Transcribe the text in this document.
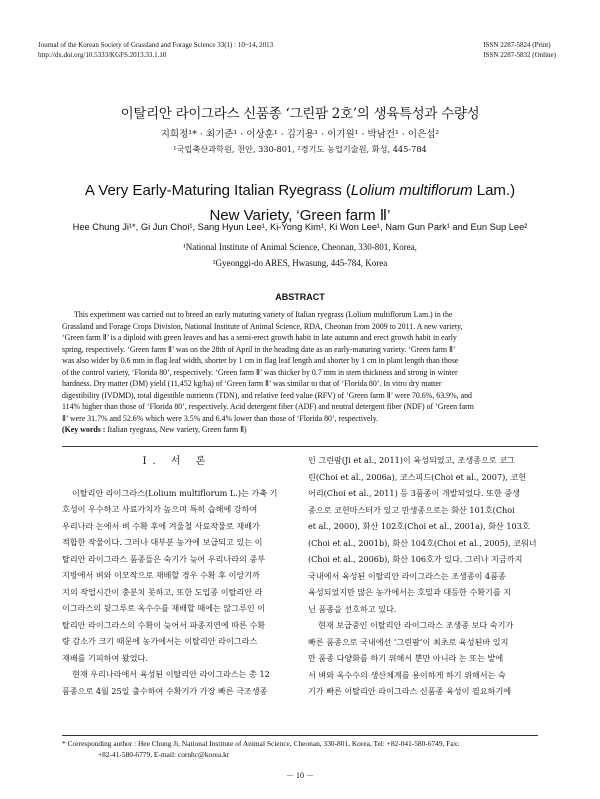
Journal of the Korean Society of Grassland and Forage Science 33(1) : 10~14, 2013
http://dx.doi.org/10.5333/KGFS.2013.33.1.10
ISSN 2287-5824 (Print)
ISSN 2287-5832 (Online)
이탈리안 라이그라스 신품종 ‘그린팜 2호’의 생육특성과 수량성
지희정¹* · 최기준¹ · 이상훈¹ · 김기용¹ · 이기원¹ · 박남건¹ · 이은섭²
¹국립축산과학원, 천안, 330-801, ²경기도 농업기술원, 화성, 445-784
A Very Early-Maturing Italian Ryegrass (Lolium multiflorum Lam.)
New Variety, ‘Green farm Ⅱ’
Hee Chung Ji¹*, Gi Jun Choi¹, Sang Hyun Lee¹, Ki-Yong Kim¹, Ki Won Lee¹, Nam Gun Park¹ and Eun Sup Lee²
¹National Institute of Animal Science, Cheonan, 330-801, Korea,
²Gyeonggi-do ARES, Hwasung, 445-784, Korea
ABSTRACT
This experiment was carried out to breed an early maturing variety of Italian ryegrass (Lolium multiflorum Lam.) in the
Grassland and Forage Crops Division, National Institute of Animal Science, RDA, Cheonan from 2009 to 2011. A new variety,
‘Green farm Ⅱ’ is a diploid with green leaves and has a semi-erect growth habit in late autumn and erect growth habit in early
spring, respectively. ‘Green farm Ⅱ’ was on the 28th of April in the heading date as an early-maturing variety. ‘Green farm Ⅱ’
was also wider by 0.6 mm in flag leaf width, shorter by 1 cm in flag leaf length and shorter by 1 cm in plant length than those
of the control variety, ‘Florida 80’, respectively. ‘Green farm Ⅱ’ was thicker by 0.7 mm in stem thickness and strong in winter
hardness. Dry matter (DM) yield (11,452 kg/ha) of ‘Green farm Ⅱ’ was similar to that of ‘Florida 80’. In vitro dry matter
digestibility (IVDMD), total digestible nutrients (TDN), and relative feed value (RFV) of ‘Green farm Ⅱ’ were 70.6%, 63.9%, and
114% higher than those of ‘Florida 80’, respectively. Acid detergent fiber (ADF) and neutral detergent fiber (NDF) of ‘Green farm
Ⅱ’ were 31.7% and 52.6% which were 3.5% and 6.4% lower than those of ‘Florida 80’, respectively.
(Key words : Italian ryegrass, New variety, Green farm Ⅱ)
Ⅰ. 서 론
이탈리안 라이그라스(Lolium multiflorum L.)는 가축 기
호성이 우수하고 사료가치가 높으며 특히 습해에 강하여
우리나라 논에서 벼 수확 후에 겨울철 사료작물로 재배가
적합한 작물이다. 그러나 대부분 농가에 보급되고 있는 이
탈리안 라이그라스 품종들은 숙기가 늦어 우리나라의 중부
지방에서 벼와 이모작으로 재배할 경우 수확 후 이앙기까
지의 작업시간이 충분치 못하고, 또한 도입종 이탈리안 라
이그라스의 뒷그루로 옥수수를 재배할 때에는 않그루인 이
탈리안 라이그라스의 수확이 늦어서 파종지연에 따른 수확
량 감소가 크기 때문에 농가에서는 이탈리안 라이그라스
재배를 기피하여 왔었다.
현재 우리나라에서 육성된 이탈리안 라이그라스는 총 12
품종으로 4월 25일 출수하여 수확기가 가장 빠른 극조생종
인 그린팜(Ji et al., 2011)이 육성되었고, 조생종으로 코그
린(Choi et al., 2006a), 코스피드(Choi et al., 2007), 코헌
어리(Choi et al., 2011) 등 3품종이 개발되었다. 또한 중생
종으로 코헌마스터가 있고 만생종으로는 화산 101호(Choi
et al., 2000), 화산 102호(Choi et al., 2001a), 화산 103호
(Choi et al., 2001b), 화산 104호(Choi et al., 2005), 코워너
(Choi et al., 2006b), 화산 106호가 있다. 그러나 지금까지
국내에서 육성된 이탈리안 라이그라스는 조생종이 4품종
육성되었지만 많은 농가에서는 호밀과 대등한 수확기를 지
닌 품종을 선호하고 있다.
현재 보급중인 이탈리안 라이그라스 조생종 보다 숙기가
빠른 품종으로 국내에선 ‘그린팜’이 최초로 육성된바 있지
만 품종 다양화를 하기 위해서 뿐만 아니라 논 또는 밭에
서 벼와 옥수수의 생산체계를 용이하게 하기 위해서는 숙
기가 빠른 이탈리안 라이그라스 신품종 육성이 필요하기에
－ 10 －
* Corresponding author : Hee Chung Ji, National Institute of Animal Science, Cheonan, 330-801, Korea, Tel: +82-041-580-6749, Fax:
+82-41-580-6779, E-mail: cornhc@korea.kr
